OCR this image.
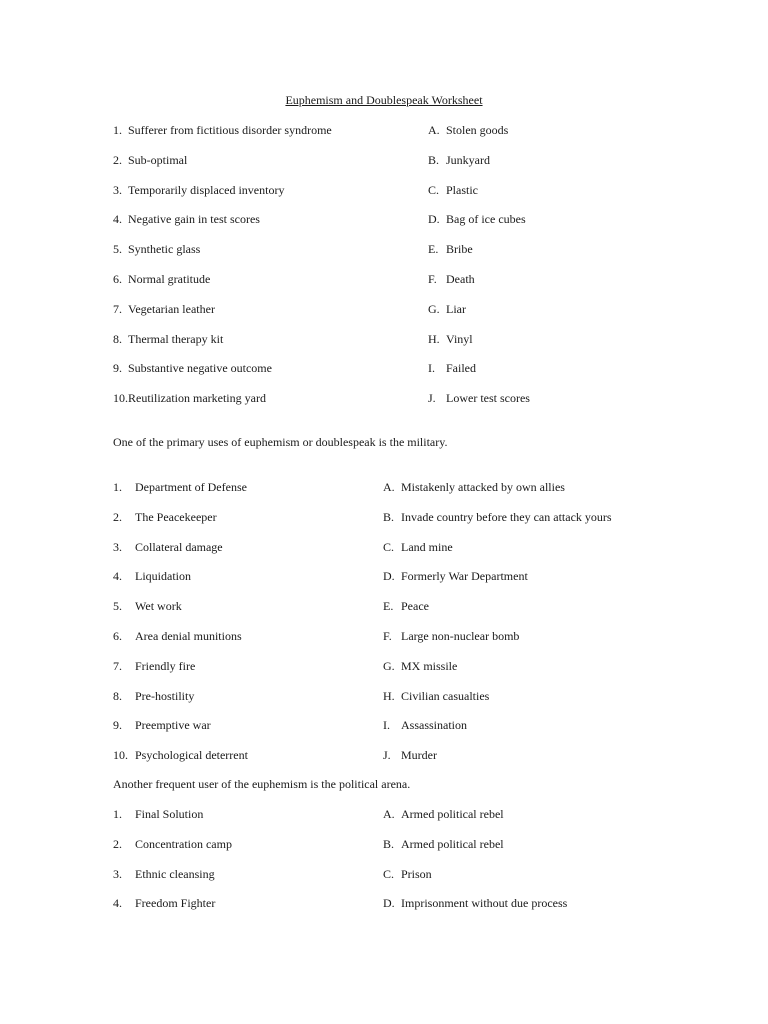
Euphemism and Doublespeak Worksheet
1. Sufferer from fictitious disorder syndrome	A. Stolen goods
2. Sub-optimal	B. Junkyard
3. Temporarily displaced inventory	C. Plastic
4. Negative gain in test scores	D. Bag of ice cubes
5. Synthetic glass	E. Bribe
6. Normal gratitude	F. Death
7. Vegetarian leather	G. Liar
8. Thermal therapy kit	H. Vinyl
9. Substantive negative outcome	I. Failed
10. Reutilization marketing yard	J. Lower test scores
One of the primary uses of euphemism or doublespeak is the military.
1. Department of Defense	A. Mistakenly attacked by own allies
2. The Peacekeeper	B. Invade country before they can attack yours
3. Collateral damage	C. Land mine
4. Liquidation	D. Formerly War Department
5. Wet work	E. Peace
6. Area denial munitions	F. Large non-nuclear bomb
7. Friendly fire	G. MX missile
8. Pre-hostility	H. Civilian casualties
9. Preemptive war	I. Assassination
10. Psychological deterrent	J. Murder
Another frequent user of the euphemism is the political arena.
1. Final Solution	A. Armed political rebel
2. Concentration camp	B. Armed political rebel
3. Ethnic cleansing	C. Prison
4. Freedom Fighter	D. Imprisonment without due process
